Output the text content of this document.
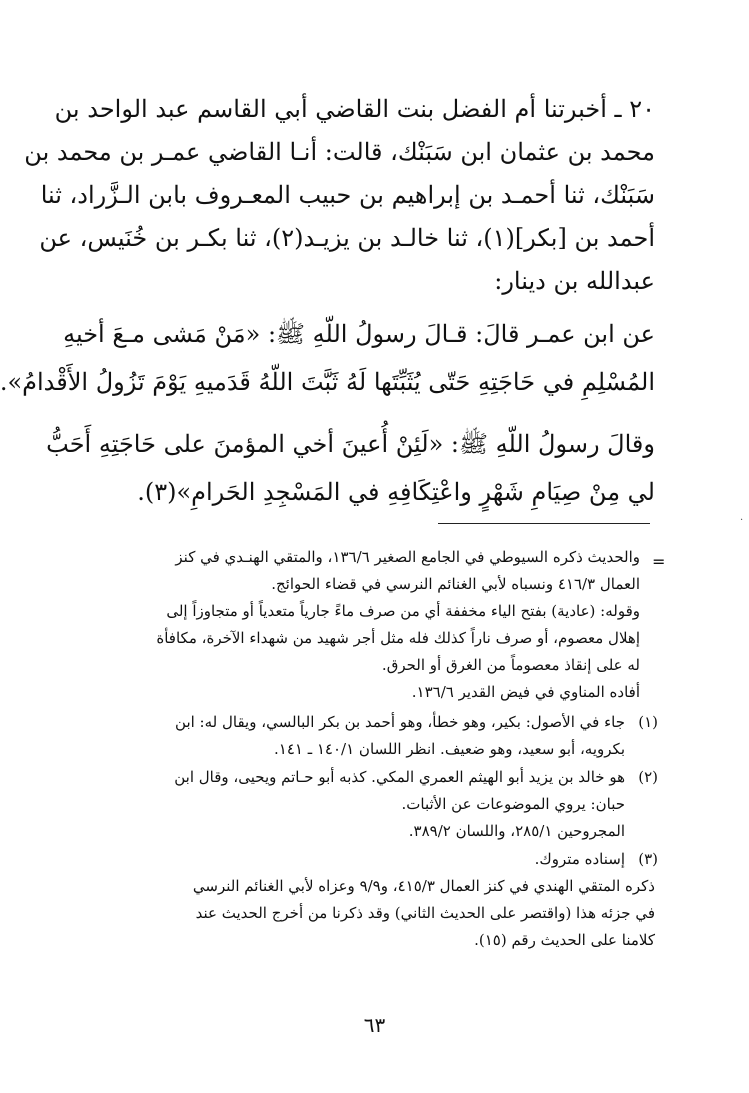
٢٠ ـ أخبرتنا أم الفضل بنت القاضي أبي القاسم عبد الواحد بن
محمد بن عثمان ابن سَبَنْك، قالت: أنـا القاضي عمـر بن محمد بن
سَبَنْك، ثنا أحمـد بن إبراهيم بن حبيب المعـروف بابن الـزَّراد، ثنا
أحمد بن [بكر](١)، ثنا خالـد بن يزيـد(٢)، ثنا بكـر بن خُنَيس، عن
عبدالله بن دينار:
عن ابن عمـر قالَ: قـالَ رسولُ اللّهِ ﷺ: «مَنْ مَشى مـعَ أخيهِ
المُسْلِمِ في حَاجَتِهِ حَتّى يُثَبِّتَها لَهُ ثَبَّتَ اللّهُ قَدَميهِ يَوْمَ تَزُولُ الأَقْدامُ».
وقالَ رسولُ اللّهِ ﷺ: «لَئِنْ أُعينَ أخي المؤمنَ على حَاجَتِهِ أَحَبُّ
لي مِنْ صِيَامِ شَهْرٍ واعْتِكَافِهِ في المَسْجِدِ الحَرامِ»(٣).
·
=
والحديث ذكره السيوطي في الجامع الصغير ١٣٦/٦، والمتقي الهنـدي في كنز
العمال ٤١٦/٣ ونسباه لأبي الغنائم النرسي في قضاء الحوائج.
وقوله: (عادية) بفتح الياء مخففة أي من صرف ماءً جارياً متعدياً أو متجاوزاً إلى
إهلال معصوم، أو صرف ناراً كذلك فله مثل أجر شهيد من شهداء الآخرة، مكافأة
له على إنقاذ معصوماً من الغرق أو الحرق.
أفاده المناوي في فيض القدير ١٣٦/٦.
(١)
جاء في الأصول: بكير، وهو خطأ، وهو أحمد بن بكر البالسي، ويقال له: ابن
بكرويه، أبو سعيد، وهو ضعيف. انظر اللسان ١٤٠/١ ـ ١٤١.
(٢)
هو خالد بن يزيد أبو الهيثم العمري المكي. كذبه أبو حـاتم ويحيى، وقال ابن
حبان: يروي الموضوعات عن الأثبات.
المجروحين ٢٨٥/١، واللسان ٣٨٩/٢.
(٣)
إسناده متروك.
ذكره المتقي الهندي في كنز العمال ٤١٥/٣، و٩/٩ وعزاه لأبي الغنائم النرسي
في جزئه هذا (واقتصر على الحديث الثاني) وقد ذكرنا من أخرج الحديث عند
كلامنا على الحديث رقم (١٥).
٦٣
